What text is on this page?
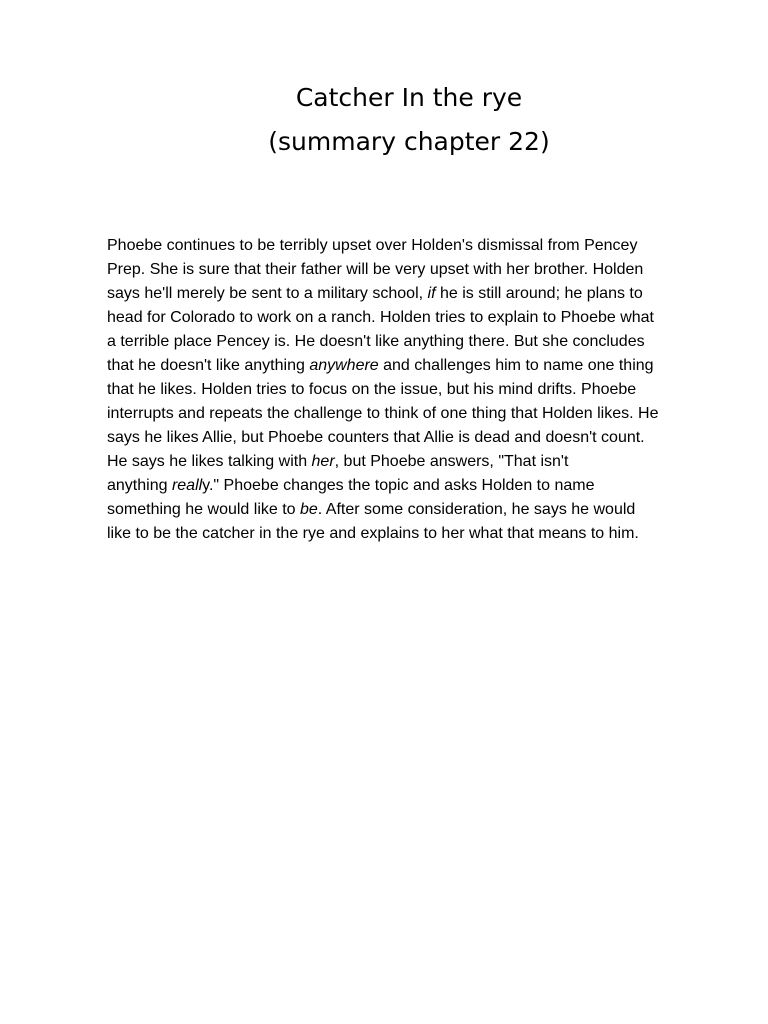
Catcher In the rye
(summary chapter 22)
Phoebe continues to be terribly upset over Holden's dismissal from Pencey
Prep. She is sure that their father will be very upset with her brother. Holden
says he'll merely be sent to a military school, if he is still around; he plans to
head for Colorado to work on a ranch. Holden tries to explain to Phoebe what
a terrible place Pencey is. He doesn't like anything there. But she concludes
that he doesn't like anything anywhere and challenges him to name one thing
that he likes. Holden tries to focus on the issue, but his mind drifts. Phoebe
interrupts and repeats the challenge to think of one thing that Holden likes. He
says he likes Allie, but Phoebe counters that Allie is dead and doesn't count.
He says he likes talking with her, but Phoebe answers, "That isn't
anything really." Phoebe changes the topic and asks Holden to name
something he would like to be. After some consideration, he says he would
like to be the catcher in the rye and explains to her what that means to him.
